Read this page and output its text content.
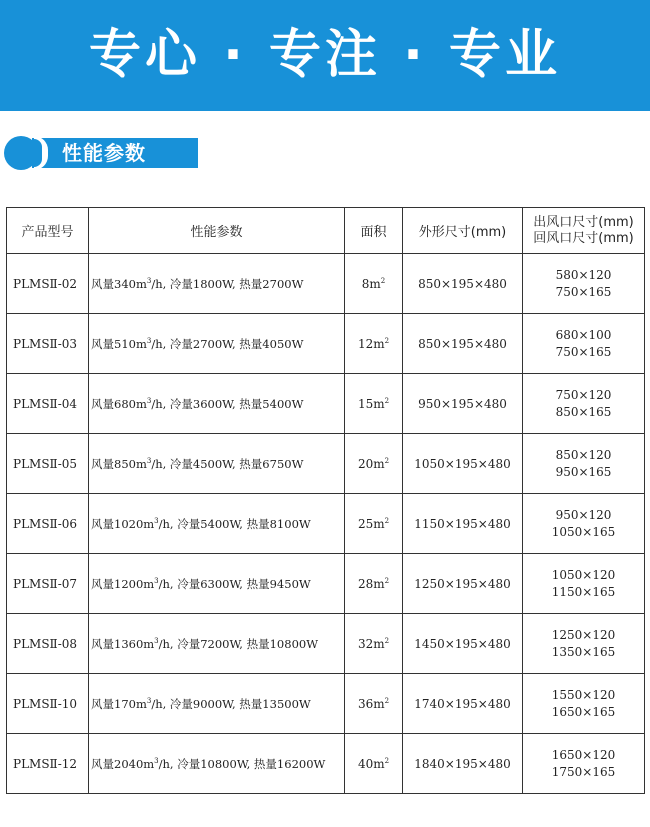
专心 · 专注 · 专业
性能参数
产品型号	性能参数	面积	外形尺寸(mm)	出风口尺寸(mm)
回风口尺寸(mm)

PLMSⅡ-02	风量$340m^3/h$, 冷量1800W, 热量2700W	$8m^2$	850×195×480	580×120
750×165

PLMSⅡ-03	风量$510m^3/h$, 冷量2700W, 热量4050W	$12m^2$	850×195×480	680×100
750×165

PLMSⅡ-04	风量$680m^3/h$, 冷量3600W, 热量5400W	$15m^2$	950×195×480	750×120
850×165

PLMSⅡ-05	风量$850m^3/h$, 冷量4500W, 热量6750W	$20m^2$	1050×195×480	850×120
950×165

PLMSⅡ-06	风量$1020m^3/h$, 冷量5400W, 热量8100W	$25m^2$	1150×195×480	950×120
1050×165

PLMSⅡ-07	风量$1200m^3/h$, 冷量6300W, 热量9450W	$28m^2$	1250×195×480	1050×120
1150×165

PLMSⅡ-08	风量$1360m^3/h$, 冷量7200W, 热量10800W	$32m^2$	1450×195×480	1250×120
1350×165

PLMSⅡ-10	风量$170m^3/h$, 冷量9000W, 热量13500W	$36m^2$	1740×195×480	1550×120
1650×165

PLMSⅡ-12	风量$2040m^3/h$, 冷量10800W, 热量16200W	$40m^2$	1840×195×480	1650×120
1750×165
